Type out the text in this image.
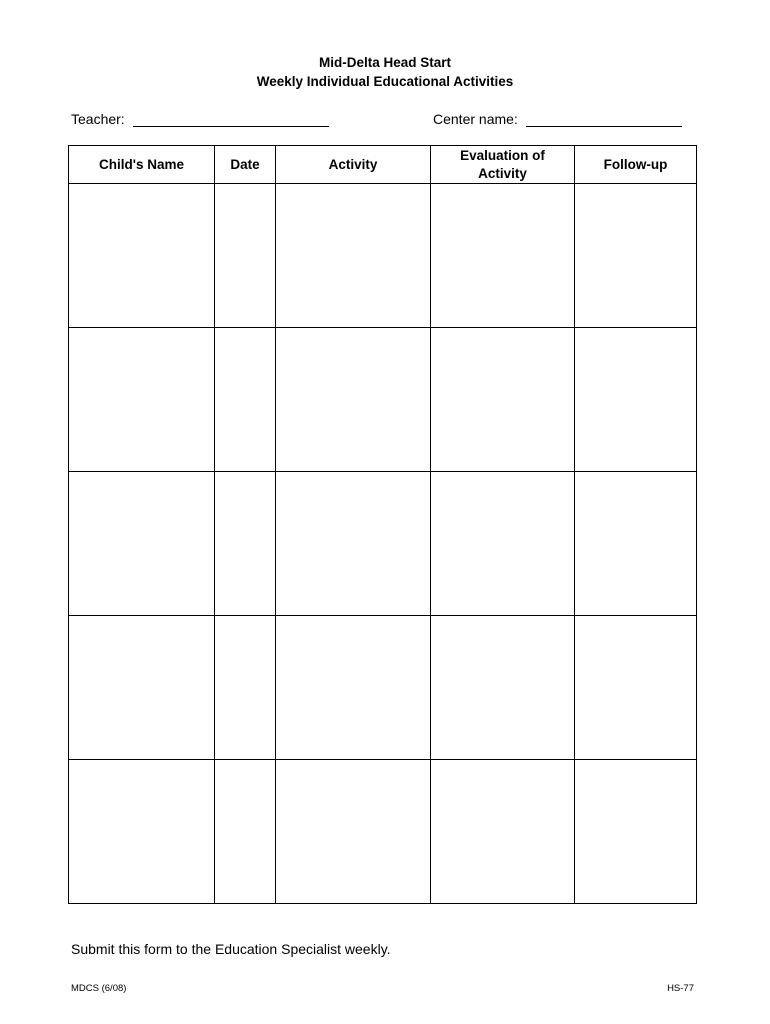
Mid-Delta Head Start
Weekly Individual Educational Activities
Teacher:	Center name:
Child's Name	Date	Activity	Evaluation of Activity	Follow-up

Submit this form to the Education Specialist weekly.
MDCS (6/08)	HS-77
